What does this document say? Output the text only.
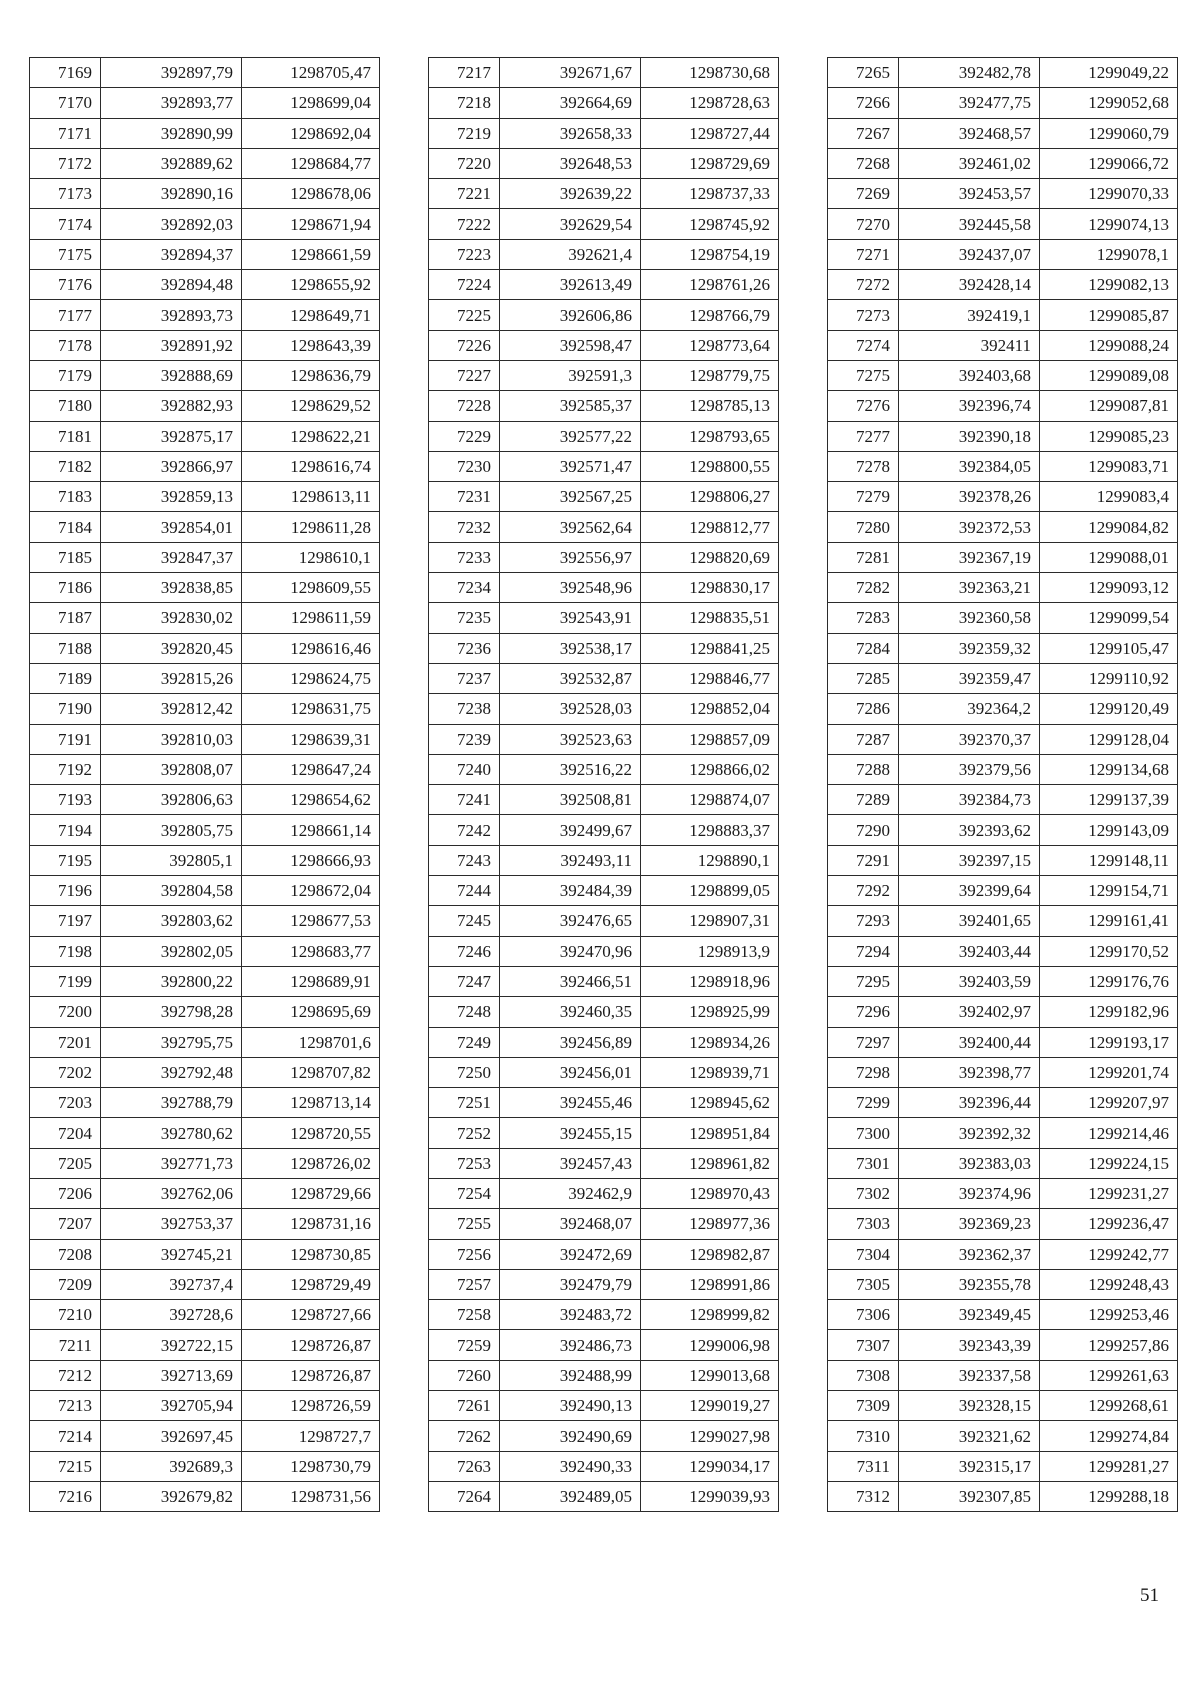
7169	392897,79	1298705,47
7170	392893,77	1298699,04
7171	392890,99	1298692,04
7172	392889,62	1298684,77
7173	392890,16	1298678,06
7174	392892,03	1298671,94
7175	392894,37	1298661,59
7176	392894,48	1298655,92
7177	392893,73	1298649,71
7178	392891,92	1298643,39
7179	392888,69	1298636,79
7180	392882,93	1298629,52
7181	392875,17	1298622,21
7182	392866,97	1298616,74
7183	392859,13	1298613,11
7184	392854,01	1298611,28
7185	392847,37	1298610,1
7186	392838,85	1298609,55
7187	392830,02	1298611,59
7188	392820,45	1298616,46
7189	392815,26	1298624,75
7190	392812,42	1298631,75
7191	392810,03	1298639,31
7192	392808,07	1298647,24
7193	392806,63	1298654,62
7194	392805,75	1298661,14
7195	392805,1	1298666,93
7196	392804,58	1298672,04
7197	392803,62	1298677,53
7198	392802,05	1298683,77
7199	392800,22	1298689,91
7200	392798,28	1298695,69
7201	392795,75	1298701,6
7202	392792,48	1298707,82
7203	392788,79	1298713,14
7204	392780,62	1298720,55
7205	392771,73	1298726,02
7206	392762,06	1298729,66
7207	392753,37	1298731,16
7208	392745,21	1298730,85
7209	392737,4	1298729,49
7210	392728,6	1298727,66
7211	392722,15	1298726,87
7212	392713,69	1298726,87
7213	392705,94	1298726,59
7214	392697,45	1298727,7
7215	392689,3	1298730,79
7216	392679,82	1298731,56
7217	392671,67	1298730,68
7218	392664,69	1298728,63
7219	392658,33	1298727,44
7220	392648,53	1298729,69
7221	392639,22	1298737,33
7222	392629,54	1298745,92
7223	392621,4	1298754,19
7224	392613,49	1298761,26
7225	392606,86	1298766,79
7226	392598,47	1298773,64
7227	392591,3	1298779,75
7228	392585,37	1298785,13
7229	392577,22	1298793,65
7230	392571,47	1298800,55
7231	392567,25	1298806,27
7232	392562,64	1298812,77
7233	392556,97	1298820,69
7234	392548,96	1298830,17
7235	392543,91	1298835,51
7236	392538,17	1298841,25
7237	392532,87	1298846,77
7238	392528,03	1298852,04
7239	392523,63	1298857,09
7240	392516,22	1298866,02
7241	392508,81	1298874,07
7242	392499,67	1298883,37
7243	392493,11	1298890,1
7244	392484,39	1298899,05
7245	392476,65	1298907,31
7246	392470,96	1298913,9
7247	392466,51	1298918,96
7248	392460,35	1298925,99
7249	392456,89	1298934,26
7250	392456,01	1298939,71
7251	392455,46	1298945,62
7252	392455,15	1298951,84
7253	392457,43	1298961,82
7254	392462,9	1298970,43
7255	392468,07	1298977,36
7256	392472,69	1298982,87
7257	392479,79	1298991,86
7258	392483,72	1298999,82
7259	392486,73	1299006,98
7260	392488,99	1299013,68
7261	392490,13	1299019,27
7262	392490,69	1299027,98
7263	392490,33	1299034,17
7264	392489,05	1299039,93
7265	392482,78	1299049,22
7266	392477,75	1299052,68
7267	392468,57	1299060,79
7268	392461,02	1299066,72
7269	392453,57	1299070,33
7270	392445,58	1299074,13
7271	392437,07	1299078,1
7272	392428,14	1299082,13
7273	392419,1	1299085,87
7274	392411	1299088,24
7275	392403,68	1299089,08
7276	392396,74	1299087,81
7277	392390,18	1299085,23
7278	392384,05	1299083,71
7279	392378,26	1299083,4
7280	392372,53	1299084,82
7281	392367,19	1299088,01
7282	392363,21	1299093,12
7283	392360,58	1299099,54
7284	392359,32	1299105,47
7285	392359,47	1299110,92
7286	392364,2	1299120,49
7287	392370,37	1299128,04
7288	392379,56	1299134,68
7289	392384,73	1299137,39
7290	392393,62	1299143,09
7291	392397,15	1299148,11
7292	392399,64	1299154,71
7293	392401,65	1299161,41
7294	392403,44	1299170,52
7295	392403,59	1299176,76
7296	392402,97	1299182,96
7297	392400,44	1299193,17
7298	392398,77	1299201,74
7299	392396,44	1299207,97
7300	392392,32	1299214,46
7301	392383,03	1299224,15
7302	392374,96	1299231,27
7303	392369,23	1299236,47
7304	392362,37	1299242,77
7305	392355,78	1299248,43
7306	392349,45	1299253,46
7307	392343,39	1299257,86
7308	392337,58	1299261,63
7309	392328,15	1299268,61
7310	392321,62	1299274,84
7311	392315,17	1299281,27
7312	392307,85	1299288,18
51
